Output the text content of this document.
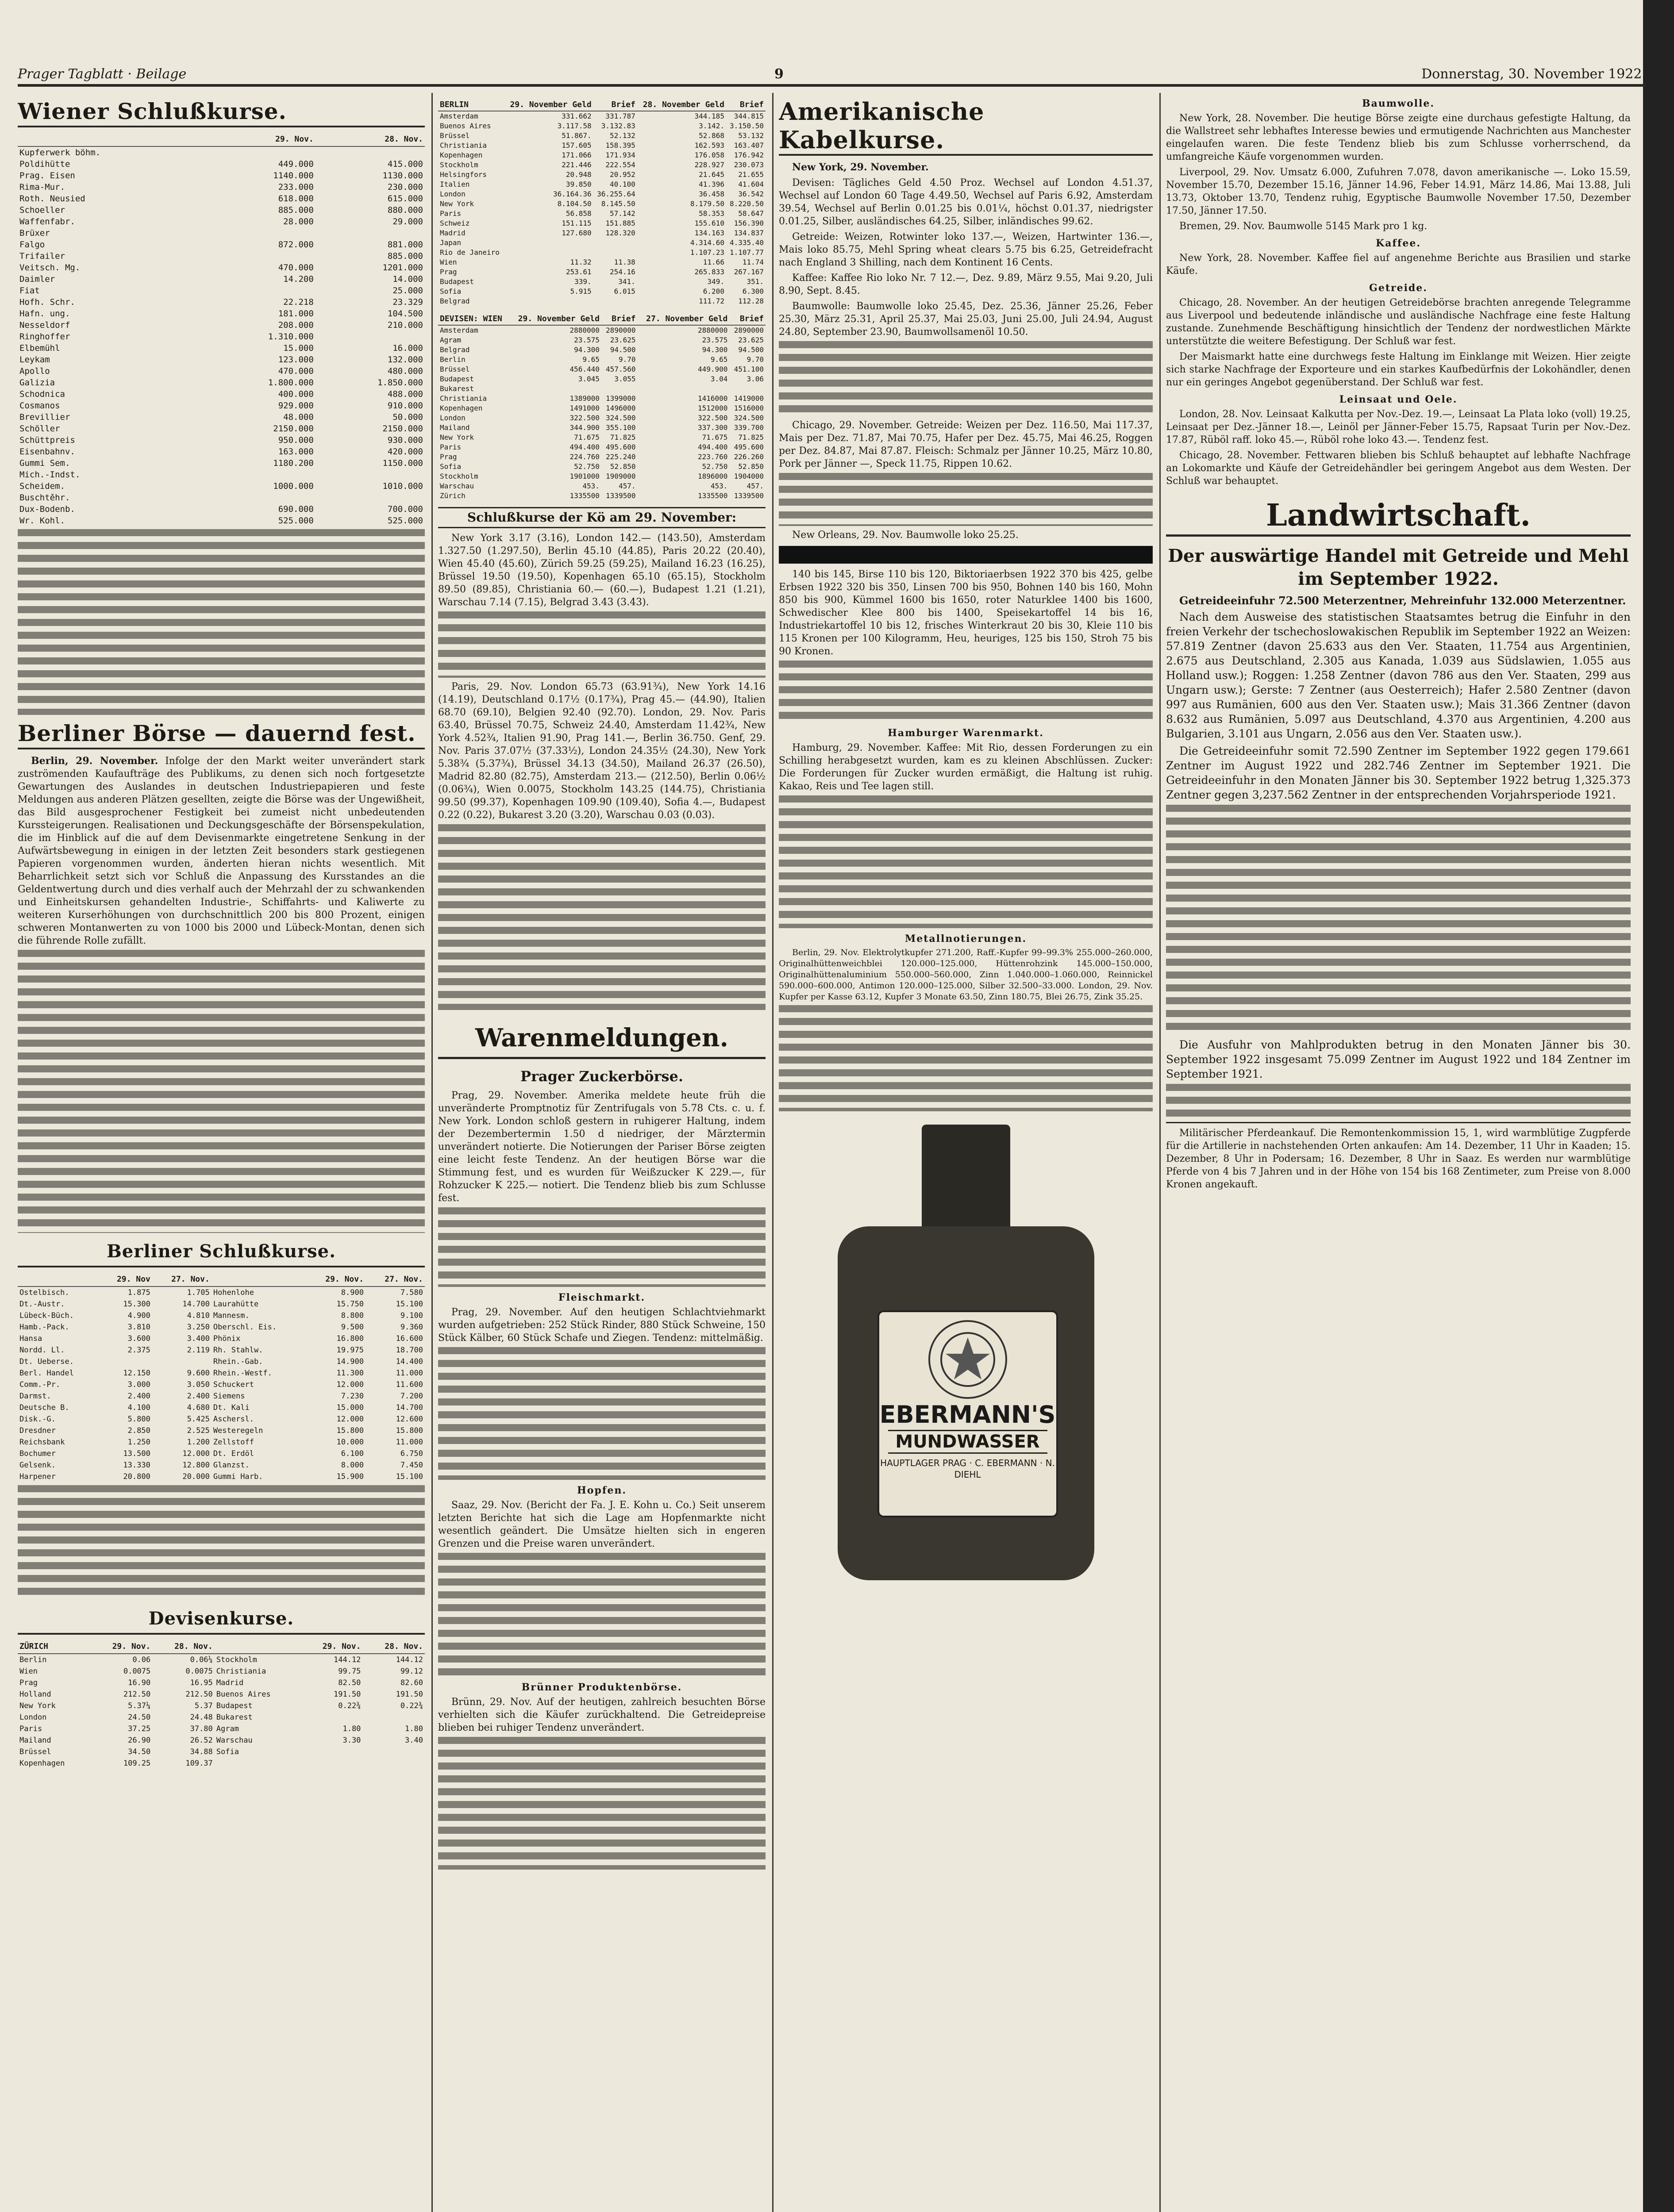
Prager Tagblatt · Beilage	9	Donnerstag, 30. November 1922.
Wiener Schlußkurse.
	29. Nov.	28. Nov.
Kupferwerk böhm.		
Poldihütte	449.000	415.000
Prag. Eisen	1140.000	1130.000
Rima-Mur.	233.000	230.000
Roth. Neusied	618.000	615.000
Schoeller	885.000	880.000
Waffenfabr.	28.000	29.000
Brüxer		
Falgo	872.000	881.000
Trifailer		885.000
Veitsch. Mg.	470.000	1201.000
Daimler	14.200	14.000
Fiat		25.000
Hofh. Schr.	22.218	23.329
Hafn. ung.	181.000	104.500
Nesseldorf	208.000	210.000
Ringhoffer	1.310.000	
Elbemühl	15.000	16.000
Leykam	123.000	132.000
Apollo	470.000	480.000
Galizia	1.800.000	1.850.000
Schodnica	400.000	488.000
Cosmanos	929.000	910.000
Brevillier	48.000	50.000
Schöller	2150.000	2150.000
Schüttpreis	950.000	930.000
Eisenbahnv.	163.000	420.000
Gummi Sem.	1180.200	1150.000
Mich.-Indst.		
Scheidem.	1000.000	1010.000
Buschtěhr.		
Dux-Bodenb.	690.000	700.000
Wr. Kohl.	525.000	525.000
Berliner Börse — dauernd fest.

Berlin, 29. November. Infolge der den Markt weiter unverändert stark zuströmenden Kaufaufträge des Publikums, zu denen sich noch fortgesetzte Gewartungen des Auslandes in deutschen Industriepapieren und feste Meldungen aus anderen Plätzen gesellten, zeigte die Börse was der Ungewißheit, das Bild ausgesprochener Festigkeit bei zumeist nicht unbedeutenden Kurssteigerungen. Realisationen und Deckungsgeschäfte der Börsenspekulation, die im Hinblick auf die auf dem Devisenmarkte eingetretene Senkung in der Aufwärtsbewegung in einigen in der letzten Zeit besonders stark gestiegenen Papieren vorgenommen wurden, änderten hieran nichts wesentlich. Mit Beharrlichkeit setzt sich vor Schluß die Anpassung des Kursstandes an die Geldentwertung durch und dies verhalf auch der Mehrzahl der zu schwankenden und Einheitskursen gehandelten Industrie-, Schiffahrts- und Kaliwerte zu weiteren Kurserhöhungen von durchschnittlich 200 bis 800 Prozent, einigen schweren Montanwerten zu von 1000 bis 2000 und Lübeck-Montan, denen sich die führende Rolle zufällt.

Berliner Schlußkurse.
	29. Nov	27. Nov.		29. Nov.	27. Nov.
Ostelbisch.	1.875	1.705	Hohenlohe	8.900	7.580
Dt.-Austr.	15.300	14.700	Laurahütte	15.750	15.100
Lübeck-Büch.	4.900	4.810	Mannesm.	8.800	9.100
Hamb.-Pack.	3.810	3.250	Oberschl. Eis.	9.500	9.360
Hansa	3.600	3.400	Phönix	16.800	16.600
Nordd. Ll.	2.375	2.119	Rh. Stahlw.	19.975	18.700
Dt. Ueberse.			Rhein.-Gab.	14.900	14.400
Berl. Handel	12.150	9.600	Rhein.-Westf.	11.300	11.000
Comm.-Pr.	3.000	3.050	Schuckert	12.000	11.600
Darmst.	2.400	2.400	Siemens	7.230	7.200
Deutsche B.	4.100	4.680	Dt. Kali	15.000	14.700
Disk.-G.	5.800	5.425	Aschersl.	12.000	12.600
Dresdner	2.850	2.525	Westeregeln	15.800	15.800
Reichsbank	1.250	1.200	Zellstoff	10.000	11.000
Bochumer	13.500	12.000	Dt. Erdöl	6.100	6.750
Gelsenk.	13.330	12.800	Glanzst.	8.000	7.450
Harpener	20.800	20.000	Gummi Harb.	15.900	15.100
Devisenkurse.
ZÜRICH	29. Nov.	28. Nov.		29. Nov.	28. Nov.
Berlin	0.06	0.06¼	Stockholm	144.12	144.12
Wien	0.0075	0.0075	Christiania	99.75	99.12
Prag	16.90	16.95	Madrid	82.50	82.60
Holland	212.50	212.50	Buenos Aires	191.50	191.50
New York	5.37¼	5.37	Budapest	0.22¾	0.22¾
London	24.50	24.48	Bukarest		
Paris	37.25	37.80	Agram	1.80	1.80
Mailand	26.90	26.52	Warschau	3.30	3.40
Brüssel	34.50	34.88	Sofia		
Kopenhagen	109.25	109.37			
BERLIN	29. November Geld	Brief	28. November Geld	Brief
Amsterdam	331.662	331.787	344.185	344.815
Buenos Aires	3.117.58	3.132.83	3.142.	3.150.50
Brüssel	51.867.	52.132	52.868	53.132
Christiania	157.605	158.395	162.593	163.407
Kopenhagen	171.066	171.934	176.058	176.942
Stockholm	221.446	222.554	228.927	230.073
Helsingfors	20.948	20.952	21.645	21.655
Italien	39.850	40.100	41.396	41.604
London	36.164.36	36.255.64	36.458	36.542
New York	8.104.50	8.145.50	8.179.50	8.220.50
Paris	56.858	57.142	58.353	58.647
Schweiz	151.115	151.885	155.610	156.390
Madrid	127.680	128.320	134.163	134.837
Japan			4.314.60	4.335.40
Rio de Janeiro			1.107.23	1.107.77
Wien	11.32	11.38	11.66	11.74
Prag	253.61	254.16	265.833	267.167
Budapest	339.	341.	349.	351.
Sofia	5.915	6.015	6.200	6.300
Belgrad			111.72	112.28
DEVISEN: WIEN	29. November Geld	Brief	27. November Geld	Brief
Amsterdam	2880000	2890000	2880000	2890000
Agram	23.575	23.625	23.575	23.625
Belgrad	94.300	94.500	94.300	94.500
Berlin	9.65	9.70	9.65	9.70
Brüssel	456.440	457.560	449.900	451.100
Budapest	3.045	3.055	3.04	3.06
Bukarest				
Christiania	1389000	1399000	1416000	1419000
Kopenhagen	1491000	1496000	1512000	1516000
London	322.500	324.500	322.500	324.500
Mailand	344.900	355.100	337.300	339.700
New York	71.675	71.825	71.675	71.825
Paris	494.400	495.600	494.400	495.600
Prag	224.760	225.240	223.760	226.260
Sofia	52.750	52.850	52.750	52.850
Stockholm	1901000	1909000	1896000	1904000
Warschau	453.	457.	453.	457.
Zürich	1335500	1339500	1335500	1339500
Schlußkurse der Kö am 29. November:

New York 3.17 (3.16), London 142.— (143.50), Amsterdam 1.327.50 (1.297.50), Berlin 45.10 (44.85), Paris 20.22 (20.40), Wien 45.40 (45.60), Zürich 59.25 (59.25), Mailand 16.23 (16.25), Brüssel 19.50 (19.50), Kopenhagen 65.10 (65.15), Stockholm 89.50 (89.85), Christiania 60.— (60.—), Budapest 1.21 (1.21), Warschau 7.14 (7.15), Belgrad 3.43 (3.43).

Paris, 29. Nov. London 65.73 (63.91¾), New York 14.16 (14.19), Deutschland 0.17½ (0.17¾), Prag 45.— (44.90), Italien 68.70 (69.10), Belgien 92.40 (92.70). London, 29. Nov. Paris 63.40, Brüssel 70.75, Schweiz 24.40, Amsterdam 11.42¾, New York 4.52¾, Italien 91.90, Prag 141.—, Berlin 36.750. Genf, 29. Nov. Paris 37.07½ (37.33½), London 24.35½ (24.30), New York 5.38¾ (5.37¾), Brüssel 34.13 (34.50), Mailand 26.37 (26.50), Madrid 82.80 (82.75), Amsterdam 213.— (212.50), Berlin 0.06½ (0.06¾), Wien 0.0075, Stockholm 143.25 (144.75), Christiania 99.50 (99.37), Kopenhagen 109.90 (109.40), Sofia 4.—, Budapest 0.22 (0.22), Bukarest 3.20 (3.20), Warschau 0.03 (0.03).

Warenmeldungen.
Prager Zuckerbörse.

Prag, 29. November. Amerika meldete heute früh die unveränderte Promptnotiz für Zentrifugals von 5.78 Cts. c. u. f. New York. London schloß gestern in ruhigerer Haltung, indem der Dezembertermin 1.50 d niedriger, der Märztermin unverändert notierte. Die Notierungen der Pariser Börse zeigten eine leicht feste Tendenz. An der heutigen Börse war die Stimmung fest, und es wurden für Weißzucker K 229.—, für Rohzucker K 225.— notiert. Die Tendenz blieb bis zum Schlusse fest.

Fleischmarkt.

Prag, 29. November. Auf den heutigen Schlachtviehmarkt wurden aufgetrieben: 252 Stück Rinder, 880 Stück Schweine, 150 Stück Kälber, 60 Stück Schafe und Ziegen. Tendenz: mittelmäßig.

Hopfen.

Saaz, 29. Nov. (Bericht der Fa. J. E. Kohn u. Co.) Seit unserem letzten Berichte hat sich die Lage am Hopfenmarkte nicht wesentlich geändert. Die Umsätze hielten sich in engeren Grenzen und die Preise waren unverändert.

Brünner Produktenbörse.

Brünn, 29. Nov. Auf der heutigen, zahlreich besuchten Börse verhielten sich die Käufer zurückhaltend. Die Getreidepreise blieben bei ruhiger Tendenz unverändert.

Amerikanische Kabelkurse.

New York, 29. November.

Devisen: Tägliches Geld 4.50 Proz. Wechsel auf London 4.51.37, Wechsel auf London 60 Tage 4.49.50, Wechsel auf Paris 6.92, Amsterdam 39.54, Wechsel auf Berlin 0.01.25 bis 0.01¼, höchst 0.01.37, niedrigster 0.01.25, Silber, ausländisches 64.25, Silber, inländisches 99.62.

Getreide: Weizen, Rotwinter loko 137.—, Weizen, Hartwinter 136.—, Mais loko 85.75, Mehl Spring wheat clears 5.75 bis 6.25, Getreidefracht nach England 3 Shilling, nach dem Kontinent 16 Cents.

Kaffee: Kaffee Rio loko Nr. 7 12.—, Dez. 9.89, März 9.55, Mai 9.20, Juli 8.90, Sept. 8.45.

Baumwolle: Baumwolle loko 25.45, Dez. 25.36, Jänner 25.26, Feber 25.30, März 25.31, April 25.37, Mai 25.03, Juni 25.00, Juli 24.94, August 24.80, September 23.90, Baumwollsamenöl 10.50.

Chicago, 29. November. Getreide: Weizen per Dez. 116.50, Mai 117.37, Mais per Dez. 71.87, Mai 70.75, Hafer per Dez. 45.75, Mai 46.25, Roggen per Dez. 84.87, Mai 87.87. Fleisch: Schmalz per Jänner 10.25, März 10.80, Pork per Jänner —, Speck 11.75, Rippen 10.62.

New Orleans, 29. Nov. Baumwolle loko 25.25.

140 bis 145, Birse 110 bis 120, Biktoriaerbsen 1922 370 bis 425, gelbe Erbsen 1922 320 bis 350, Linsen 700 bis 950, Bohnen 140 bis 160, Mohn 850 bis 900, Kümmel 1600 bis 1650, roter Naturklee 1400 bis 1600, Schwedischer Klee 800 bis 1400, Speisekartoffel 14 bis 16, Industriekartoffel 10 bis 12, frisches Winterkraut 20 bis 30, Kleie 110 bis 115 Kronen per 100 Kilogramm, Heu, heuriges, 125 bis 150, Stroh 75 bis 90 Kronen.

Hamburger Warenmarkt.

Hamburg, 29. November. Kaffee: Mit Rio, dessen Forderungen zu ein Schilling herabgesetzt wurden, kam es zu kleinen Abschlüssen. Zucker: Die Forderungen für Zucker wurden ermäßigt, die Haltung ist ruhig. Kakao, Reis und Tee lagen still.

Metallnotierungen.

Berlin, 29. Nov. Elektrolytkupfer 271.200, Raff.-Kupfer 99–99.3% 255.000–260.000, Originalhüttenweichblei 120.000–125.000, Hüttenrohzink 145.000–150.000, Originalhüttenaluminium 550.000–560.000, Zinn 1.040.000–1.060.000, Reinnickel 590.000–600.000, Antimon 120.000–125.000, Silber 32.500–33.000. London, 29. Nov. Kupfer per Kasse 63.12, Kupfer 3 Monate 63.50, Zinn 180.75, Blei 26.75, Zink 35.25.

EBERMANN'S
MUNDWASSER
HAUPTLAGER PRAG · C. EBERMANN · N. DIEHL
Baumwolle.

New York, 28. November. Die heutige Börse zeigte eine durchaus gefestigte Haltung, da die Wallstreet sehr lebhaftes Interesse bewies und ermutigende Nachrichten aus Manchester eingelaufen waren. Die feste Tendenz blieb bis zum Schlusse vorherrschend, da umfangreiche Käufe vorgenommen wurden.

Liverpool, 29. Nov. Umsatz 6.000, Zufuhren 7.078, davon amerikanische —. Loko 15.59, November 15.70, Dezember 15.16, Jänner 14.96, Feber 14.91, März 14.86, Mai 13.88, Juli 13.73, Oktober 13.70, Tendenz ruhig, Egyptische Baumwolle November 17.50, Dezember 17.50, Jänner 17.50.

Bremen, 29. Nov. Baumwolle 5145 Mark pro 1 kg.

Kaffee.

New York, 28. November. Kaffee fiel auf angenehme Berichte aus Brasilien und starke Käufe.

Getreide.

Chicago, 28. November. An der heutigen Getreidebörse brachten anregende Telegramme aus Liverpool und bedeutende inländische und ausländische Nachfrage eine feste Haltung zustande. Zunehmende Beschäftigung hinsichtlich der Tendenz der nordwestlichen Märkte unterstützte die weitere Befestigung. Der Schluß war fest.

Der Maismarkt hatte eine durchwegs feste Haltung im Einklange mit Weizen. Hier zeigte sich starke Nachfrage der Exporteure und ein starkes Kaufbedürfnis der Lokohändler, denen nur ein geringes Angebot gegenüberstand. Der Schluß war fest.

Leinsaat und Oele.

London, 28. Nov. Leinsaat Kalkutta per Nov.-Dez. 19.—, Leinsaat La Plata loko (voll) 19.25, Leinsaat per Dez.-Jänner 18.—, Leinöl per Jänner-Feber 15.75, Rapsaat Turin per Nov.-Dez. 17.87, Rüböl raff. loko 45.—, Rüböl rohe loko 43.—. Tendenz fest.

Chicago, 28. November. Fettwaren blieben bis Schluß behauptet auf lebhafte Nachfrage an Lokomarkte und Käufe der Getreidehändler bei geringem Angebot aus dem Westen. Der Schluß war behauptet.

Landwirtschaft.
Der auswärtige Handel mit Getreide und Mehl im September 1922.

Getreideeinfuhr 72.500 Meterzentner, Mehreinfuhr 132.000 Meterzentner.

Nach dem Ausweise des statistischen Staatsamtes betrug die Einfuhr in den freien Verkehr der tschechoslowakischen Republik im September 1922 an Weizen: 57.819 Zentner (davon 25.633 aus den Ver. Staaten, 11.754 aus Argentinien, 2.675 aus Deutschland, 2.305 aus Kanada, 1.039 aus Südslawien, 1.055 aus Holland usw.); Roggen: 1.258 Zentner (davon 786 aus den Ver. Staaten, 299 aus Ungarn usw.); Gerste: 7 Zentner (aus Oesterreich); Hafer 2.580 Zentner (davon 997 aus Rumänien, 600 aus den Ver. Staaten usw.); Mais 31.366 Zentner (davon 8.632 aus Rumänien, 5.097 aus Deutschland, 4.370 aus Argentinien, 4.200 aus Bulgarien, 3.101 aus Ungarn, 2.056 aus den Ver. Staaten usw.).

Die Getreideeinfuhr somit 72.590 Zentner im September 1922 gegen 179.661 Zentner im August 1922 und 282.746 Zentner im September 1921. Die Getreideeinfuhr in den Monaten Jänner bis 30. September 1922 betrug 1,325.373 Zentner gegen 3,237.562 Zentner in der entsprechenden Vorjahrsperiode 1921.

Die Ausfuhr von Mahlprodukten betrug in den Monaten Jänner bis 30. September 1922 insgesamt 75.099 Zentner im August 1922 und 184 Zentner im September 1921.

Militärischer Pferdeankauf. Die Remontenkommission 15, 1, wird warmblütige Zugpferde für die Artillerie in nachstehenden Orten ankaufen: Am 14. Dezember, 11 Uhr in Kaaden; 15. Dezember, 8 Uhr in Podersam; 16. Dezember, 8 Uhr in Saaz. Es werden nur warmblütige Pferde von 4 bis 7 Jahren und in der Höhe von 154 bis 168 Zentimeter, zum Preise von 8.000 Kronen angekauft.
